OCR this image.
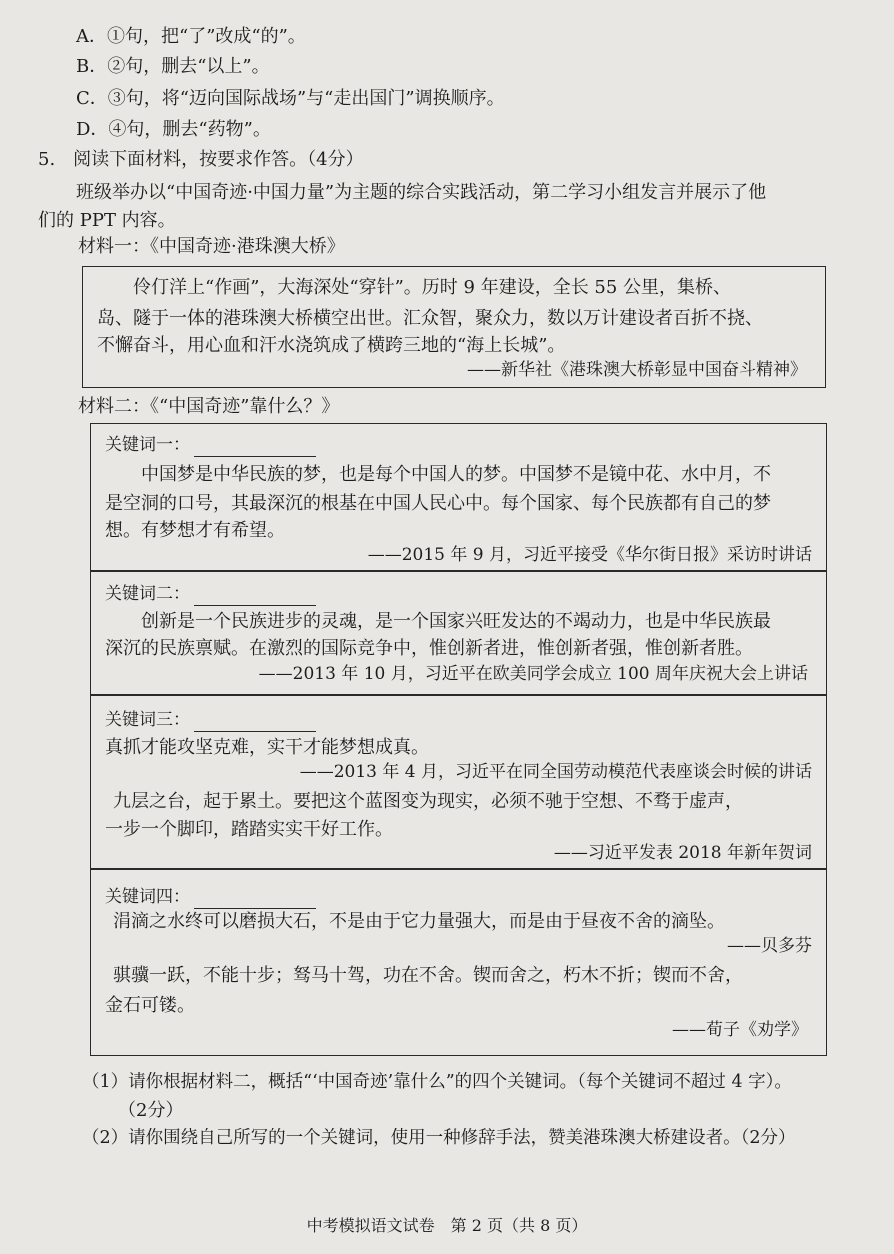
A．①句，把“了”改成“的”。
B．②句，删去“以上”。
C．③句，将“迈向国际战场”与“走出国门”调换顺序。
D．④句，删去“药物”。
5.　阅读下面材料，按要求作答。（4分）
班级举办以“中国奇迹·中国力量”为主题的综合实践活动，第二学习小组发言并展示了他
们的 PPT 内容。
材料一：《中国奇迹·港珠澳大桥》
伶仃洋上“作画”，大海深处“穿针”。历时 9 年建设，全长 55 公里，集桥、
岛、隧于一体的港珠澳大桥横空出世。汇众智，聚众力，数以万计建设者百折不挠、
不懈奋斗，用心血和汗水浇筑成了横跨三地的“海上长城”。
——新华社《港珠澳大桥彰显中国奋斗精神》
材料二：《“中国奇迹”靠什么？》
关键词一：
中国梦是中华民族的梦，也是每个中国人的梦。中国梦不是镜中花、水中月，不
是空洞的口号，其最深沉的根基在中国人民心中。每个国家、每个民族都有自己的梦
想。有梦想才有希望。
——2015 年 9 月，习近平接受《华尔街日报》采访时讲话
关键词二：
创新是一个民族进步的灵魂，是一个国家兴旺发达的不竭动力，也是中华民族最
深沉的民族禀赋。在激烈的国际竞争中，惟创新者进，惟创新者强，惟创新者胜。
——2013 年 10 月，习近平在欧美同学会成立 100 周年庆祝大会上讲话
关键词三：
真抓才能攻坚克难，实干才能梦想成真。
——2013 年 4 月，习近平在同全国劳动模范代表座谈会时候的讲话
九层之台，起于累土。要把这个蓝图变为现实，必须不驰于空想、不骛于虚声，
一步一个脚印，踏踏实实干好工作。
——习近平发表 2018 年新年贺词
关键词四：
涓滴之水终可以磨损大石，不是由于它力量强大，而是由于昼夜不舍的滴坠。
——贝多芬
骐骥一跃，不能十步；驽马十驾，功在不舍。锲而舍之，朽木不折；锲而不舍，
金石可镂。
——荀子《劝学》
（1）请你根据材料二，概括“‘中国奇迹’靠什么”的四个关键词。（每个关键词不超过 4 字）。
（2分）
（2）请你围绕自己所写的一个关键词，使用一种修辞手法，赞美港珠澳大桥建设者。（2分）
中考模拟语文试卷　第 2 页（共 8 页）
